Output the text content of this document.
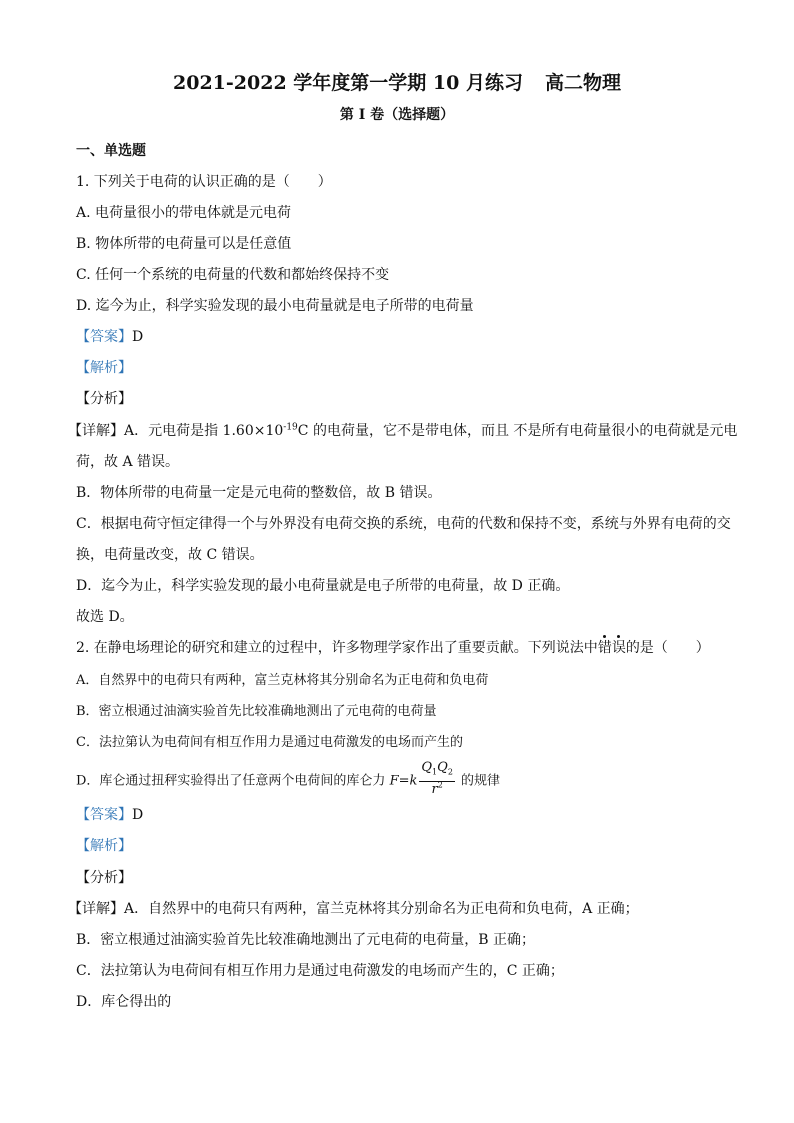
2021-2022 学年度第一学期 10 月练习 高二物理
第 I 卷（选择题）
一、单选题
1. 下列关于电荷的认识正确的是（　　）
A. 电荷量很小的带电体就是元电荷
B. 物体所带的电荷量可以是任意值
C. 任何一个系统的电荷量的代数和都始终保持不变
D. 迄今为止，科学实验发现的最小电荷量就是电子所带的电荷量
【答案】D
【解析】
【分析】
【详解】A．元电荷是指 $1.60\times 10^{-19}C$ 的电荷量，它不是带电体，而且 不是所有电荷量很小的电荷就是元电
荷，故 A 错误。
B．物体所带的电荷量一定是元电荷的整数倍，故 B 错误。
C．根据电荷守恒定律得一个与外界没有电荷交换的系统，电荷的代数和保持不变，系统与外界有电荷的交
换，电荷量改变，故 C 错误。
D．迄今为止，科学实验发现的最小电荷量就是电子所带的电荷量，故 D 正确。
故选 D。
2. 在静电场理论的研究和建立的过程中，许多物理学家作出了重要贡献。下列说法中错误的是（　　）
A．自然界中的电荷只有两种，富兰克林将其分别命名为正电荷和负电荷
B．密立根通过油滴实验首先比较准确地测出了元电荷的电荷量
C．法拉第认为电荷间有相互作用力是通过电荷激发的电场而产生的
D．库仑通过扭秤实验得出了任意两个电荷间的库仑力 $F=k \frac{Q_1Q_2}{r^2}$ 的规律
【答案】D
【解析】
【分析】
【详解】A．自然界中的电荷只有两种，富兰克林将其分别命名为正电荷和负电荷，A 正确；
B．密立根通过油滴实验首先比较准确地测出了元电荷的电荷量，B 正确；
C．法拉第认为电荷间有相互作用力是通过电荷激发的电场而产生的，C 正确；
D．库仑得出的
